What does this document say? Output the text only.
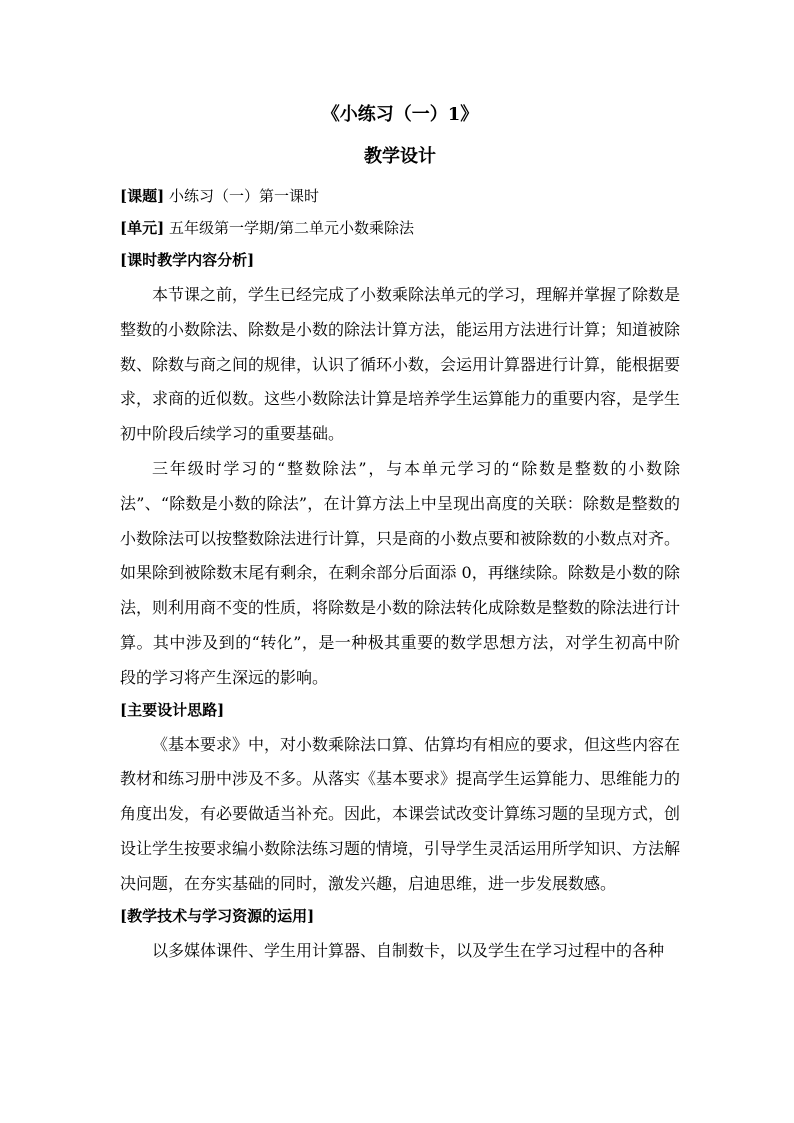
《小练习（一）1》
教学设计

[课题] 小练习（一）第一课时

[单元] 五年级第一学期/第二单元小数乘除法

[课时教学内容分析]

本节课之前，学生已经完成了小数乘除法单元的学习，理解并掌握了除数是整数的小数除法、除数是小数的除法计算方法，能运用方法进行计算；知道被除数、除数与商之间的规律，认识了循环小数，会运用计算器进行计算，能根据要求，求商的近似数。这些小数除法计算是培养学生运算能力的重要内容，是学生初中阶段后续学习的重要基础。

三年级时学习的“整数除法”，与本单元学习的“除数是整数的小数除法”、“除数是小数的除法”，在计算方法上中呈现出高度的关联：除数是整数的小数除法可以按整数除法进行计算，只是商的小数点要和被除数的小数点对齐。如果除到被除数末尾有剩余，在剩余部分后面添 0，再继续除。除数是小数的除法，则利用商不变的性质，将除数是小数的除法转化成除数是整数的除法进行计算。其中涉及到的“转化”，是一种极其重要的数学思想方法，对学生初高中阶段的学习将产生深远的影响。

[主要设计思路]

《基本要求》中，对小数乘除法口算、估算均有相应的要求，但这些内容在教材和练习册中涉及不多。从落实《基本要求》提高学生运算能力、思维能力的角度出发，有必要做适当补充。因此，本课尝试改变计算练习题的呈现方式，创设让学生按要求编小数除法练习题的情境，引导学生灵活运用所学知识、方法解决问题，在夯实基础的同时，激发兴趣，启迪思维，进一步发展数感。

[教学技术与学习资源的运用]

以多媒体课件、学生用计算器、自制数卡，以及学生在学习过程中的各种
